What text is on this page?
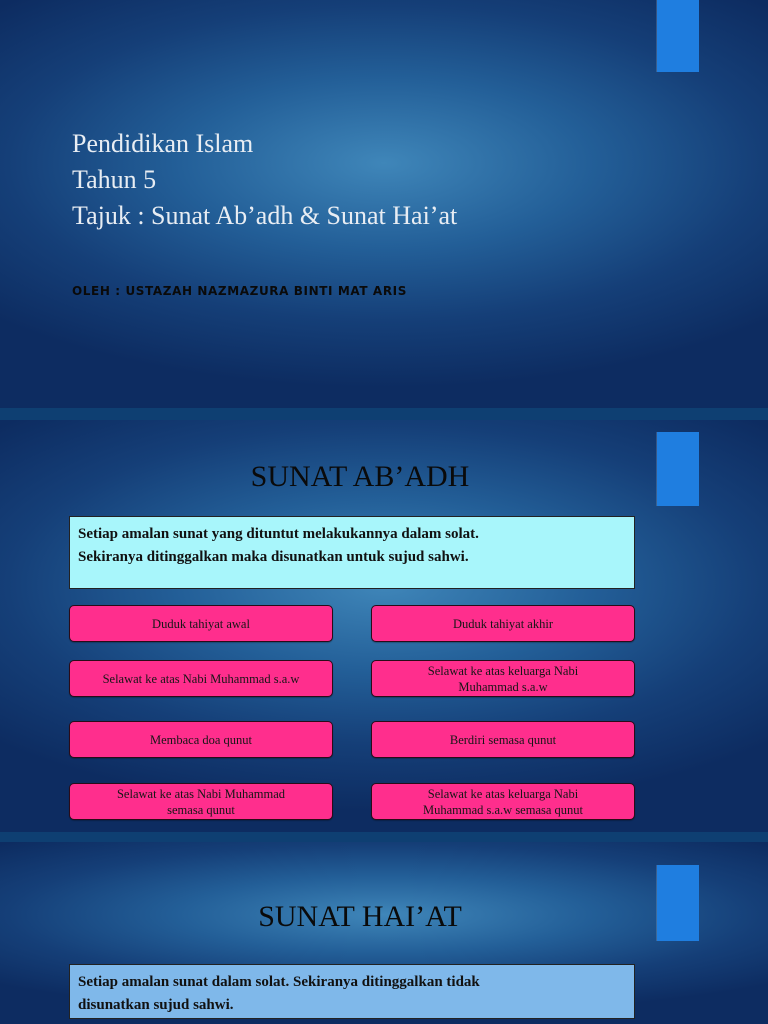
Pendidikan Islam
Tahun 5
Tajuk : Sunat Ab’adh & Sunat Hai’at
OLEH : USTAZAH NAZMAZURA BINTI MAT ARIS
SUNAT AB’ADH
Setiap amalan sunat yang dituntut melakukannya dalam solat.
Sekiranya ditinggalkan maka disunatkan untuk sujud sahwi.
Duduk tahiyat awal	Duduk tahiyat akhir
Selawat ke atas Nabi Muhammad s.a.w
Selawat ke atas keluarga Nabi
Muhammad s.a.w
Membaca doa qunut	Berdiri semasa qunut
Selawat ke atas Nabi Muhammad
semasa qunut
Selawat ke atas keluarga Nabi
Muhammad s.a.w semasa qunut
SUNAT HAI’AT
Setiap amalan sunat dalam solat. Sekiranya ditinggalkan tidak
disunatkan sujud sahwi.
